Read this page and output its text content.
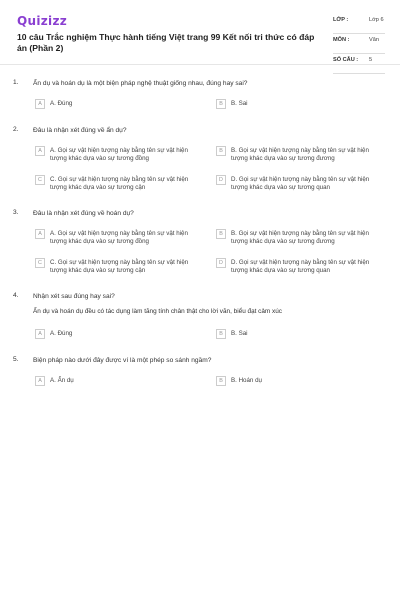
Quizizz
10 câu Trắc nghiệm Thực hành tiếng Việt trang 99 Kết nối tri thức có đáp án (Phần 2)
LỚP :	Lớp 6
MÔN :	Văn
SỐ CÂU : 5
1. Ẩn dụ và hoán dụ là một biện pháp nghệ thuật giống nhau, đúng hay sai?
A	A. Đúng	B	B. Sai
2. Đâu là nhận xét đúng về ẩn dụ?
A	A. Gọi sự vật hiện tượng này bằng tên sự vật hiện tượng khác dựa vào sự tương đồng
B	B. Gọi sự vật hiện tượng này bằng tên sự vật hiện tượng khác dựa vào sự tương đương
C	C. Gọi sự vật hiện tượng này bằng tên sự vật hiện tượng khác dựa vào sự tương cận
D	D. Gọi sự vật hiện tượng này bằng tên sự vật hiện tượng khác dựa vào sự tương quan
3. Đâu là nhận xét đúng về hoán dụ?
A	A. Gọi sự vật hiện tượng này bằng tên sự vật hiện tượng khác dựa vào sự tương đồng
B	B. Gọi sự vật hiện tượng này bằng tên sự vật hiện tượng khác dựa vào sự tương đương
C	C. Gọi sự vật hiện tượng này bằng tên sự vật hiện tượng khác dựa vào sự tương cận
D	D. Gọi sự vật hiện tượng này bằng tên sự vật hiện tượng khác dựa vào sự tương quan
4. Nhận xét sau đúng hay sai?
Ẩn dụ và hoán dụ đều có tác dụng làm tăng tính chân thật cho lời văn, biểu đạt cảm xúc
A	A. Đúng	B	B. Sai
5. Biện pháp nào dưới đây được ví là một phép so sánh ngầm?
A	A. Ẩn dụ	B	B. Hoán dụ
